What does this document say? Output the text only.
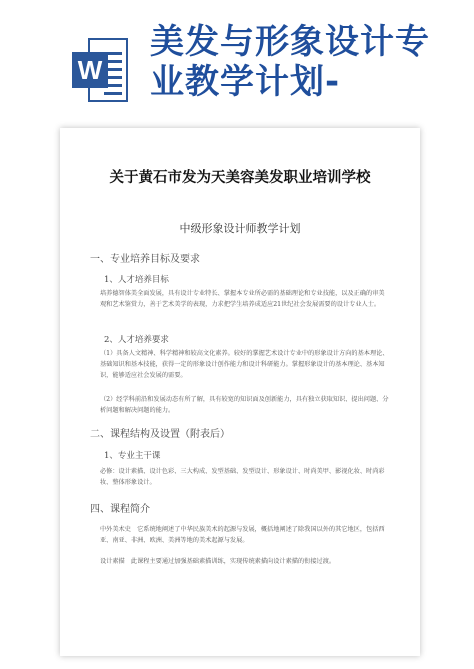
W
美发与形象设计专业教学计划-
关于黄石市发为天美容美发职业培训学校
中级形象设计师教学计划
一、专业培养目标及要求
1、人才培养目标
培养德智体美全面发展，具有设计专业特长、掌握本专业所必需的基础理论和专业技能，以及正确的审美观和艺术鉴赏力，善于艺术美学的表现，力求把学生培养成适应21世纪社会发展需要的设计专业人士。
2、人才培养要求
（1）具备人文精神、科学精神和较高文化素养。较好的掌握艺术设计专业中的形象设计方向的基本理论、基础知识和基本技能，获得一定的形象设计创作能力和设计科研能力。掌握形象设计的基本理论、基本知识，能够适应社会发展的需要。
（2）经学科前沿和发展动态有所了解，具有较宽的知识面及创新能力，具有独立获取知识、提出问题、分析问题和解决问题的能力。
二、课程结构及设置（附表后）
1、专业主干课
必修：设计素描、设计色彩、三大构成、发型基础、发型设计、形象设计、时尚美甲、影视化妆、时尚彩妆、整体形象设计。
四、课程简介
中外美术史　它系统地阐述了中华民族美术的起源与发展，概括地阐述了除我国以外的其它地区，包括西亚、南亚、非洲、欧洲、美洲等地的美术起源与发展。
设计素描　此课程主要通过加强基础素描训练，实现传统素描向设计素描的衔接过渡。
